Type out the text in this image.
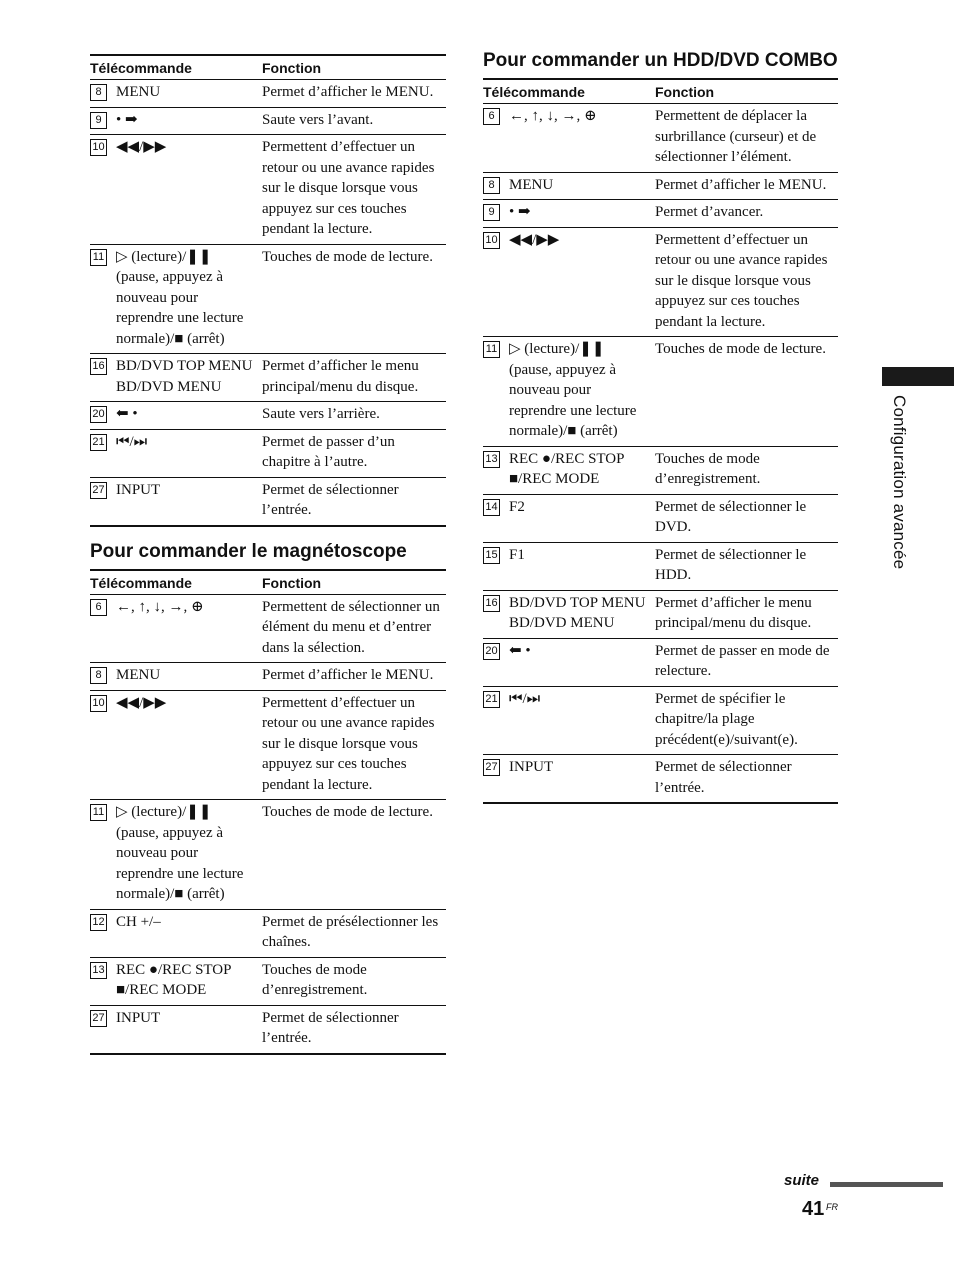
Télécommande	Fonction

8 MENU	Permet d’afficher le MENU.

9 • ➡	Saute vers l’avant.

10 ◀◀/▶▶	Permettent d’effectuer un retour ou une avance rapides sur le disque lorsque vous appuyez sur ces touches pendant la lecture.

11 ▷ (lecture)/❚❚ (pause, appuyez à nouveau pour reprendre une lecture normale)/■ (arrêt)	Touches de mode de lecture.

16 BD/DVD TOP MENU BD/DVD MENU	Permet d’afficher le menu principal/menu du disque.

20 ⬅ •	Saute vers l’arrière.

21 ⏮/⏭	Permet de passer d’un chapitre à l’autre.

27 INPUT	Permet de sélectionner l’entrée.
Pour commander le magnétoscope
Télécommande	Fonction

6 ←, ↑, ↓, →, ⊕	Permettent de sélectionner un élément du menu et d’entrer dans la sélection.

8 MENU	Permet d’afficher le MENU.

10 ◀◀/▶▶	Permettent d’effectuer un retour ou une avance rapides sur le disque lorsque vous appuyez sur ces touches pendant la lecture.

11 ▷ (lecture)/❚❚ (pause, appuyez à nouveau pour reprendre une lecture normale)/■ (arrêt)	Touches de mode de lecture.

12 CH +/–	Permet de présélectionner les chaînes.

13 REC ●/REC STOP ■/REC MODE	Touches de mode d’enregistrement.

27 INPUT	Permet de sélectionner l’entrée.
Pour commander un HDD/DVD COMBO
Télécommande	Fonction

6 ←, ↑, ↓, →, ⊕	Permettent de déplacer la surbrillance (curseur) et de sélectionner l’élément.

8 MENU	Permet d’afficher le MENU.

9 • ➡	Permet d’avancer.

10 ◀◀/▶▶	Permettent d’effectuer un retour ou une avance rapides sur le disque lorsque vous appuyez sur ces touches pendant la lecture.

11 ▷ (lecture)/❚❚ (pause, appuyez à nouveau pour reprendre une lecture normale)/■ (arrêt)	Touches de mode de lecture.

13 REC ●/REC STOP ■/REC MODE	Touches de mode d’enregistrement.

14 F2	Permet de sélectionner le DVD.

15 F1	Permet de sélectionner le HDD.

16 BD/DVD TOP MENU BD/DVD MENU	Permet d’afficher le menu principal/menu du disque.

20 ⬅ •	Permet de passer en mode de relecture.

21 ⏮/⏭	Permet de spécifier le chapitre/la plage précédent(e)/suivant(e).

27 INPUT	Permet de sélectionner l’entrée.
Configuration avancée
suite
41 FR
